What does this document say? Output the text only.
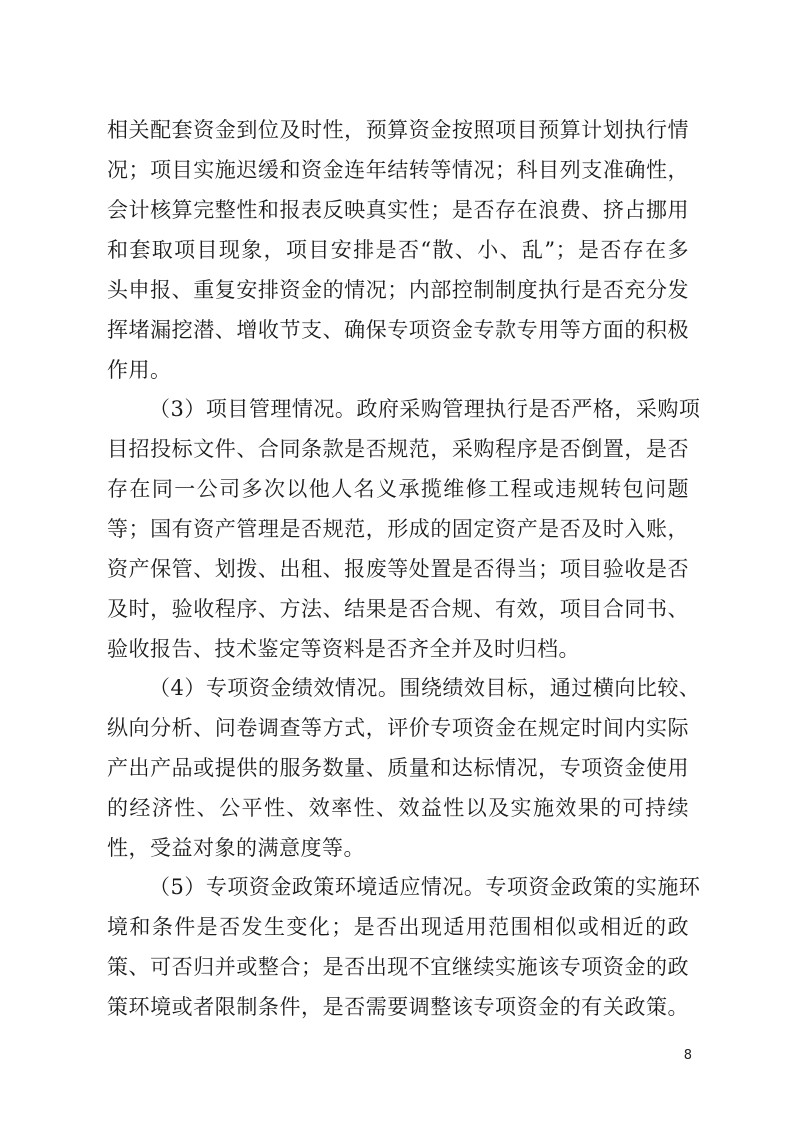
相关配套资金到位及时性，预算资金按照项目预算计划执行情
况；项目实施迟缓和资金连年结转等情况；科目列支准确性，
会计核算完整性和报表反映真实性；是否存在浪费、挤占挪用
和套取项目现象，项目安排是否“散、小、乱”；是否存在多
头申报、重复安排资金的情况；内部控制制度执行是否充分发
挥堵漏挖潜、增收节支、确保专项资金专款专用等方面的积极
作用。
（3）项目管理情况。政府采购管理执行是否严格，采购项
目招投标文件、合同条款是否规范，采购程序是否倒置，是否
存在同一公司多次以他人名义承揽维修工程或违规转包问题
等；国有资产管理是否规范，形成的固定资产是否及时入账，
资产保管、划拨、出租、报废等处置是否得当；项目验收是否
及时，验收程序、方法、结果是否合规、有效，项目合同书、
验收报告、技术鉴定等资料是否齐全并及时归档。
（4）专项资金绩效情况。围绕绩效目标，通过横向比较、
纵向分析、问卷调查等方式，评价专项资金在规定时间内实际
产出产品或提供的服务数量、质量和达标情况，专项资金使用
的经济性、公平性、效率性、效益性以及实施效果的可持续
性，受益对象的满意度等。
（5）专项资金政策环境适应情况。专项资金政策的实施环
境和条件是否发生变化；是否出现适用范围相似或相近的政
策、可否归并或整合；是否出现不宜继续实施该专项资金的政
策环境或者限制条件，是否需要调整该专项资金的有关政策。
8
